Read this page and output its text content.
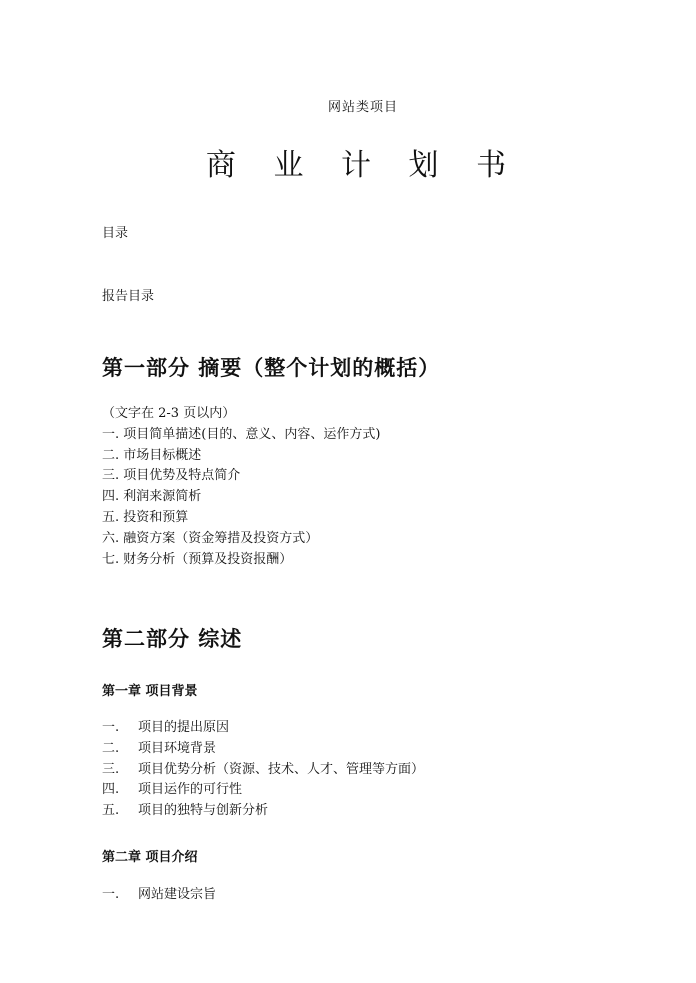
网站类项目
商 业 计 划 书
目录
报告目录
第一部分 摘要（整个计划的概括）
（文字在 2-3 页以内）
一. 项目简单描述(目的、意义、内容、运作方式)
二. 市场目标概述
三. 项目优势及特点简介
四. 利润来源简析
五. 投资和预算
六. 融资方案（资金筹措及投资方式）
七. 财务分析（预算及投资报酬）
第二部分 综述
第一章 项目背景
一.	项目的提出原因
二.	项目环境背景
三.	项目优势分析（资源、技术、人才、管理等方面）
四.	项目运作的可行性
五.	项目的独特与创新分析
第二章 项目介绍
一.	网站建设宗旨
